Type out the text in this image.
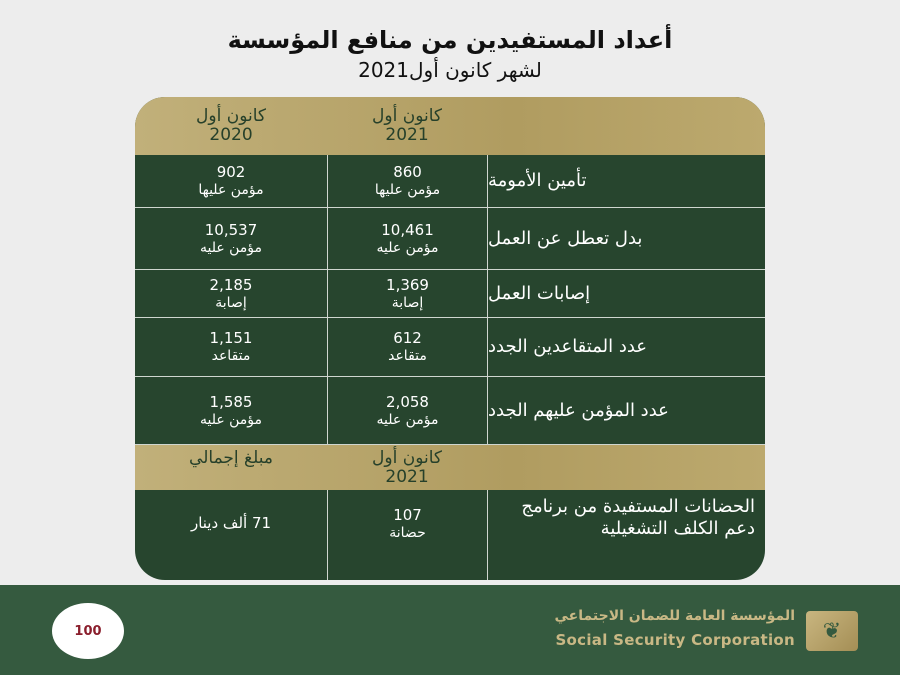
أعداد المستفيدين من منافع المؤسسة
لشهر كانون أول2021
كانون أول
2021
كانون أول
2020
تأمين الأمومة
860
مؤمن عليها
902
مؤمن عليها
بدل تعطل عن العمل
10,461
مؤمن عليه
10,537
مؤمن عليه
إصابات العمل
1,369
إصابة
2,185
إصابة
عدد المتقاعدين الجدد
612
متقاعد
1,151
متقاعد
عدد المؤمن عليهم الجدد
2,058
مؤمن عليه
1,585
مؤمن عليه
كانون أول
2021
مبلغ إجمالي
الحضانات المستفيدة من برنامج دعم الكلف التشغيلية
107
حضانة
71 ألف دينار
100
المؤسسة العامة للضمان الاجتماعي
Social Security Corporation	❦
